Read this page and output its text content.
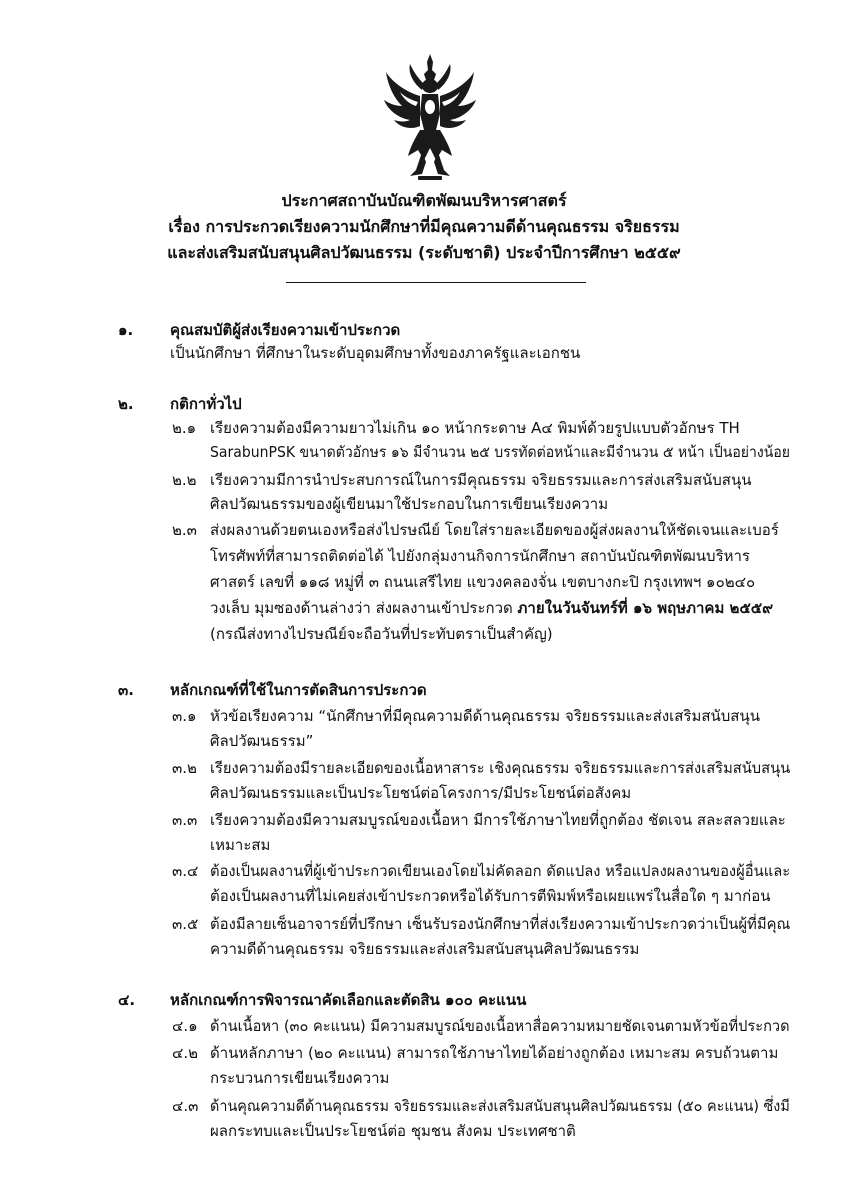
ประกาศสถาบันบัณฑิตพัฒนบริหารศาสตร์
เรื่อง การประกวดเรียงความนักศึกษาที่มีคุณความดีด้านคุณธรรม จริยธรรม
และส่งเสริมสนับสนุนศิลปวัฒนธรรม (ระดับชาติ) ประจำปีการศึกษา ๒๕๕๙
๑. คุณสมบัติผู้ส่งเรียงความเข้าประกวด
เป็นนักศึกษา ที่ศึกษาในระดับอุดมศึกษาทั้งของภาครัฐและเอกชน
๒. กติกาทั่วไป
๒.๑ เรียงความต้องมีความยาวไม่เกิน ๑๐ หน้ากระดาษ A๔ พิมพ์ด้วยรูปแบบตัวอักษร TH
SarabunPSK ขนาดตัวอักษร ๑๖ มีจำนวน ๒๕ บรรทัดต่อหน้าและมีจำนวน ๕ หน้า เป็นอย่างน้อย
๒.๒ เรียงความมีการนำประสบการณ์ในการมีคุณธรรม จริยธรรมและการส่งเสริมสนับสนุน
ศิลปวัฒนธรรมของผู้เขียนมาใช้ประกอบในการเขียนเรียงความ
๒.๓ ส่งผลงานด้วยตนเองหรือส่งไปรษณีย์ โดยใส่รายละเอียดของผู้ส่งผลงานให้ชัดเจนและเบอร์
โทรศัพท์ที่สามารถติดต่อได้ ไปยังกลุ่มงานกิจการนักศึกษา สถาบันบัณฑิตพัฒนบริหาร
ศาสตร์ เลขที่ ๑๑๘ หมู่ที่ ๓ ถนนเสรีไทย แขวงคลองจั่น เขตบางกะปิ กรุงเทพฯ ๑๐๒๔๐
วงเล็บ มุมซองด้านล่างว่า ส่งผลงานเข้าประกวด ภายในวันจันทร์ที่ ๑๖ พฤษภาคม ๒๕๕๙
(กรณีส่งทางไปรษณีย์จะถือวันที่ประทับตราเป็นสำคัญ)
๓. หลักเกณฑ์ที่ใช้ในการตัดสินการประกวด
๓.๑ หัวข้อเรียงความ “นักศึกษาที่มีคุณความดีด้านคุณธรรม จริยธรรมและส่งเสริมสนับสนุน
ศิลปวัฒนธรรม”
๓.๒ เรียงความต้องมีรายละเอียดของเนื้อหาสาระ เชิงคุณธรรม จริยธรรมและการส่งเสริมสนับสนุน
ศิลปวัฒนธรรมและเป็นประโยชน์ต่อโครงการ/มีประโยชน์ต่อสังคม
๓.๓ เรียงความต้องมีความสมบูรณ์ของเนื้อหา มีการใช้ภาษาไทยที่ถูกต้อง ชัดเจน สละสลวยและ
เหมาะสม
๓.๔ ต้องเป็นผลงานที่ผู้เข้าประกวดเขียนเองโดยไม่คัดลอก ดัดแปลง หรือแปลงผลงานของผู้อื่นและ
ต้องเป็นผลงานที่ไม่เคยส่งเข้าประกวดหรือได้รับการตีพิมพ์หรือเผยแพร่ในสื่อใด ๆ มาก่อน
๓.๕ ต้องมีลายเซ็นอาจารย์ที่ปรึกษา เซ็นรับรองนักศึกษาที่ส่งเรียงความเข้าประกวดว่าเป็นผู้ที่มีคุณ
ความดีด้านคุณธรรม จริยธรรมและส่งเสริมสนับสนุนศิลปวัฒนธรรม
๔. หลักเกณฑ์การพิจารณาคัดเลือกและตัดสิน ๑๐๐ คะแนน
๔.๑ ด้านเนื้อหา (๓๐ คะแนน) มีความสมบูรณ์ของเนื้อหาสื่อความหมายชัดเจนตามหัวข้อที่ประกวด
๔.๒ ด้านหลักภาษา (๒๐ คะแนน) สามารถใช้ภาษาไทยได้อย่างถูกต้อง เหมาะสม ครบถ้วนตาม
กระบวนการเขียนเรียงความ
๔.๓ ด้านคุณความดีด้านคุณธรรม จริยธรรมและส่งเสริมสนับสนุนศิลปวัฒนธรรม (๕๐ คะแนน) ซึ่งมี
ผลกระทบและเป็นประโยชน์ต่อ ชุมชน สังคม ประเทศชาติ
